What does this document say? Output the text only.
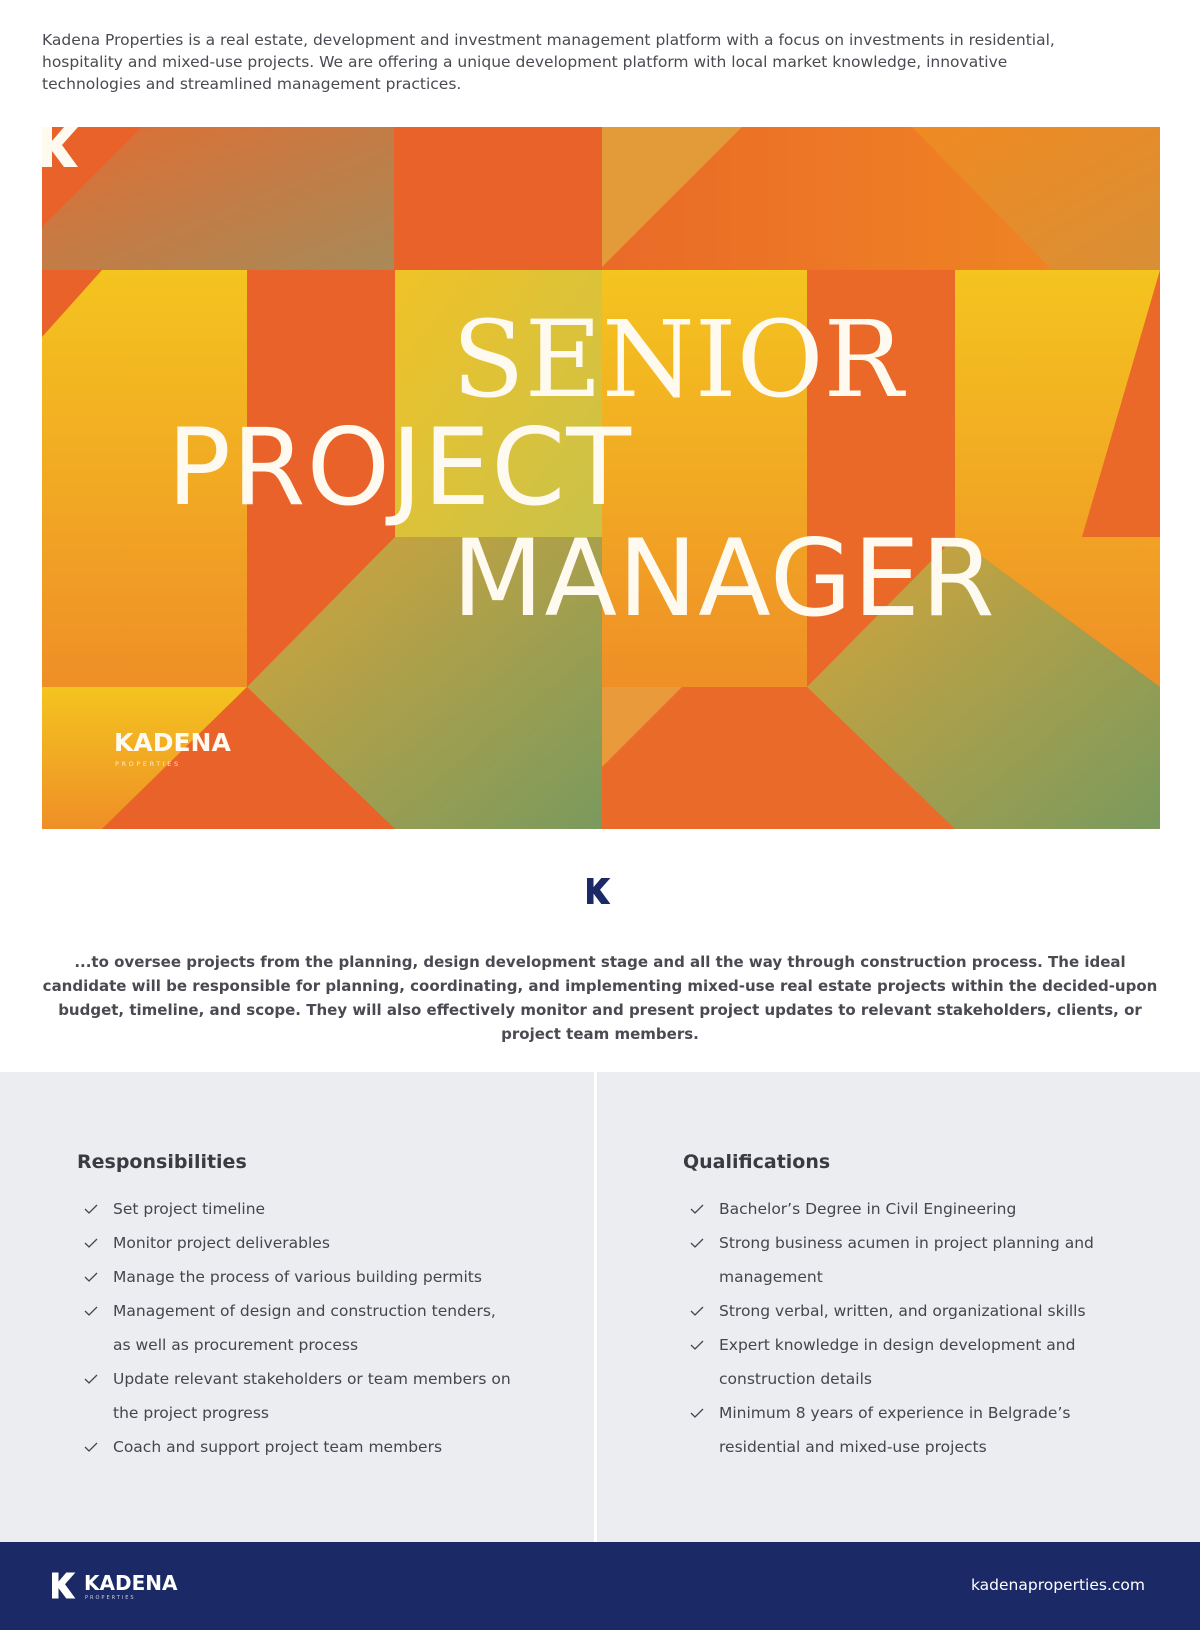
Kadena Properties is a real estate, development and investment management platform with a focus on investments in residential, hospitality and mixed-use projects. We are offering a unique development platform with local market knowledge, innovative technologies and streamlined management practices.

SENIOR
PROJECT
MANAGER
KADENA
PROPERTIES

...to oversee projects from the planning, design development stage and all the way through construction process. The ideal candidate will be responsible for planning, coordinating, and implementing mixed-use real estate projects within the decided-upon budget, timeline, and scope. They will also effectively monitor and present project updates to relevant stakeholders, clients, or project team members.

Responsibilities
Set project timeline
Monitor project deliverables
Manage the process of various building permits
Management of design and construction tenders, as well as procurement process
Update relevant stakeholders or team members on the project progress
Coach and support project team members
Qualifications
Bachelor’s Degree in Civil Engineering
Strong business acumen in project planning and management
Strong verbal, written, and organizational skills
Expert knowledge in design development and construction details
Minimum 8 years of experience in Belgrade’s residential and mixed-use projects
KADENA
PROPERTIES
kadenaproperties.com
